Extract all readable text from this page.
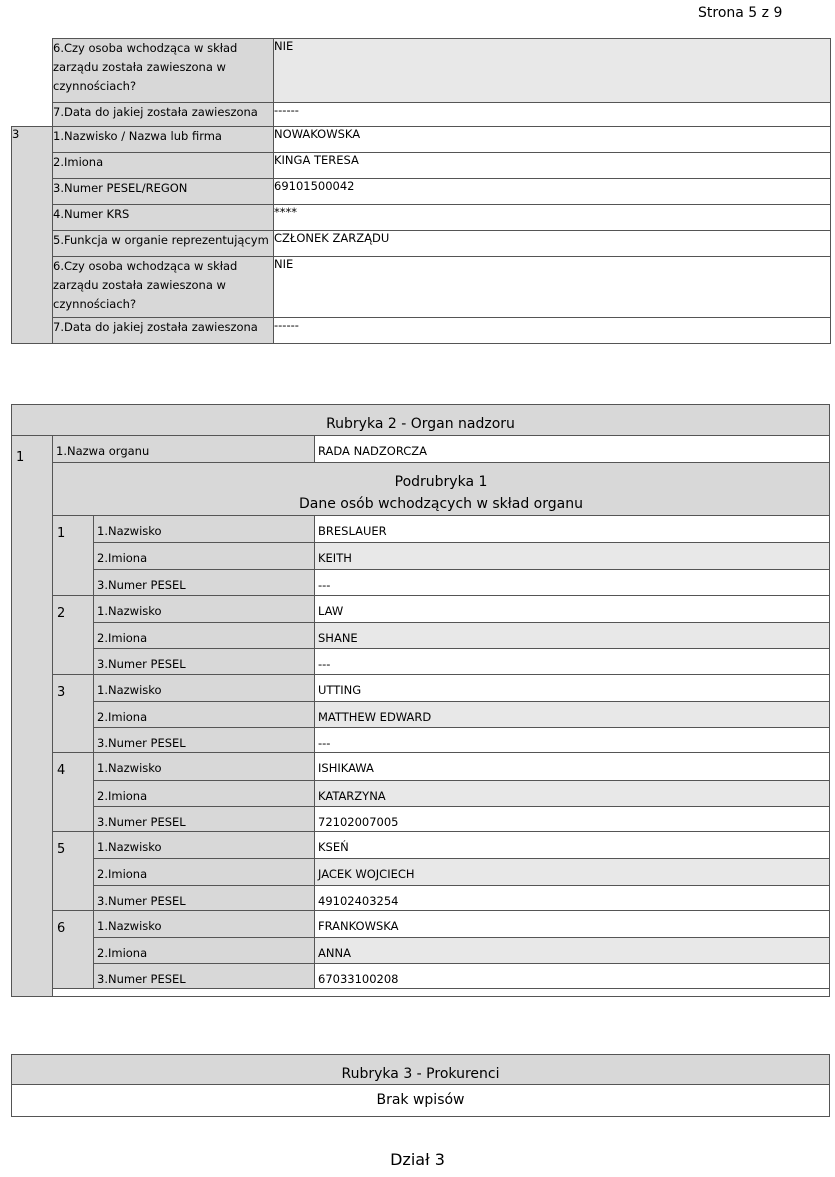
Strona 5 z 9
	6.Czy osoba wchodząca w skład zarządu została zawieszona w czynnościach?	NIE
	7.Data do jakiej została zawieszona	------
3	1.Nazwisko / Nazwa lub firma	NOWAKOWSKA
	2.Imiona	KINGA TERESA
	3.Numer PESEL/REGON	69101500042
	4.Numer KRS	****
	5.Funkcja w organie reprezentującym	CZŁONEK ZARZĄDU
	6.Czy osoba wchodząca w skład zarządu została zawieszona w czynnościach?	NIE
	7.Data do jakiej została zawieszona	------
Rubryka 2 - Organ nadzoru
1	1.Nazwa organu	RADA NADZORCZA
Podrubryka 1
Dane osób wchodzących w skład organu
1	1.Nazwisko	BRESLAUER
2.Imiona	KEITH
3.Numer PESEL	---
2	1.Nazwisko	LAW
2.Imiona	SHANE
3.Numer PESEL	---
3	1.Nazwisko	UTTING
2.Imiona	MATTHEW EDWARD
3.Numer PESEL	---
4	1.Nazwisko	ISHIKAWA
2.Imiona	KATARZYNA
3.Numer PESEL	72102007005
5	1.Nazwisko	KSEŃ
2.Imiona	JACEK WOJCIECH
3.Numer PESEL	49102403254
6	1.Nazwisko	FRANKOWSKA
2.Imiona	ANNA
3.Numer PESEL	67033100208
Rubryka 3 - Prokurenci
Brak wpisów
Dział 3
